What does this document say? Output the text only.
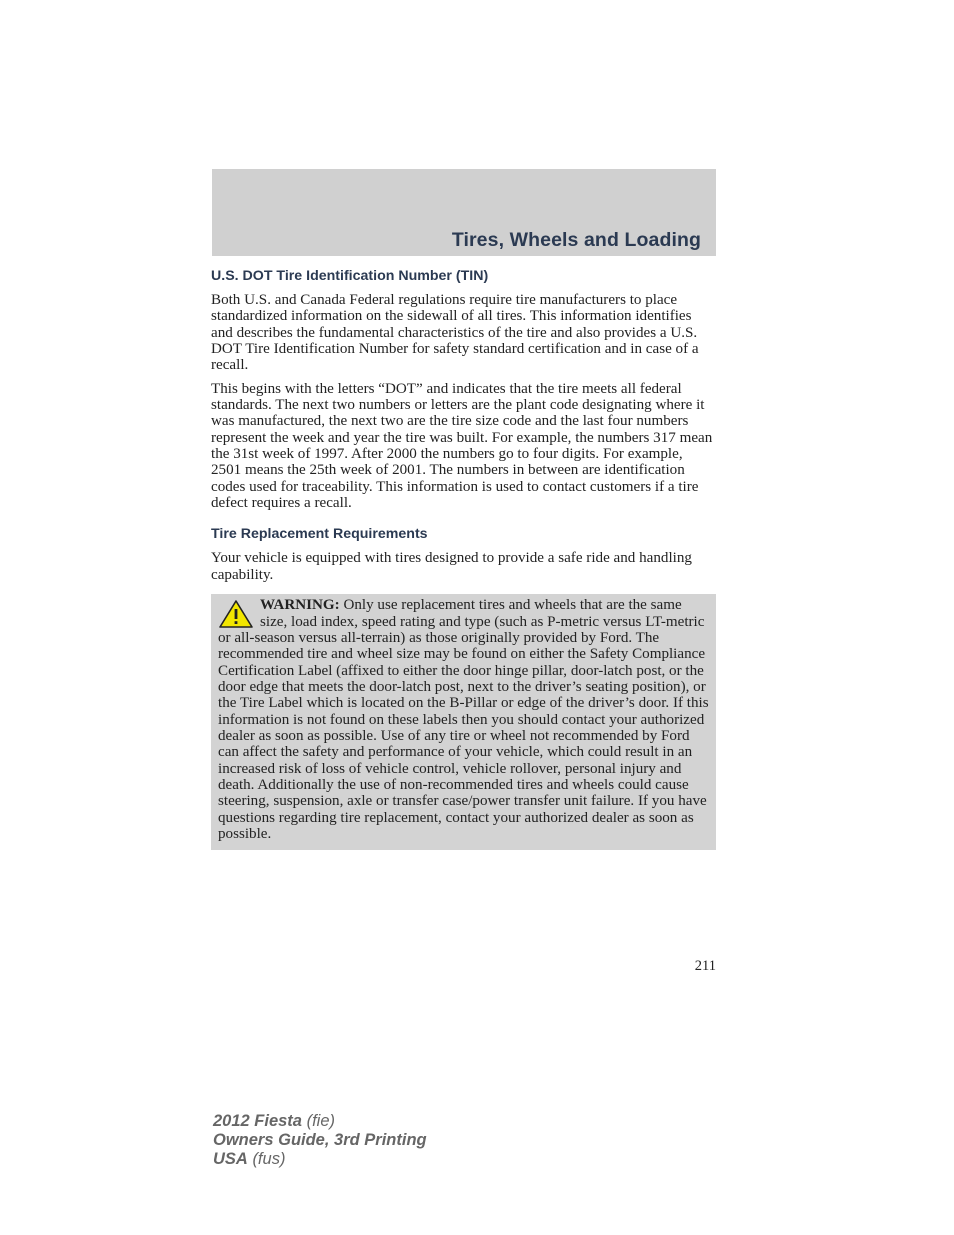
Tires, Wheels and Loading
U.S. DOT Tire Identification Number (TIN)

Both U.S. and Canada Federal regulations require tire manufacturers to place standardized information on the sidewall of all tires. This information identifies and describes the fundamental characteristics of the tire and also provides a U.S. DOT Tire Identification Number for safety standard certification and in case of a recall.

This begins with the letters “DOT” and indicates that the tire meets all federal standards. The next two numbers or letters are the plant code designating where it was manufactured, the next two are the tire size code and the last four numbers represent the week and year the tire was built. For example, the numbers 317 mean the 31st week of 1997. After 2000 the numbers go to four digits. For example, 2501 means the 25th week of 2001. The numbers in between are identification codes used for traceability. This information is used to contact customers if a tire defect requires a recall.

Tire Replacement Requirements

Your vehicle is equipped with tires designed to provide a safe ride and handling capability.

WARNING: Only use replacement tires and wheels that are the same size, load index, speed rating and type (such as P-metric versus LT-metric or all-season versus all-terrain) as those originally provided by Ford. The recommended tire and wheel size may be found on either the Safety Compliance Certification Label (affixed to either the door hinge pillar, door-latch post, or the door edge that meets the door-latch post, next to the driver’s seating position), or the Tire Label which is located on the B-Pillar or edge of the driver’s door. If this information is not found on these labels then you should contact your authorized dealer as soon as possible. Use of any tire or wheel not recommended by Ford can affect the safety and performance of your vehicle, which could result in an increased risk of loss of vehicle control, vehicle rollover, personal injury and death. Additionally the use of non-recommended tires and wheels could cause steering, suspension, axle or transfer case/power transfer unit failure. If you have questions regarding tire replacement, contact your authorized dealer as soon as possible.
211
2012 Fiesta (fie)
Owners Guide, 3rd Printing
USA (fus)
